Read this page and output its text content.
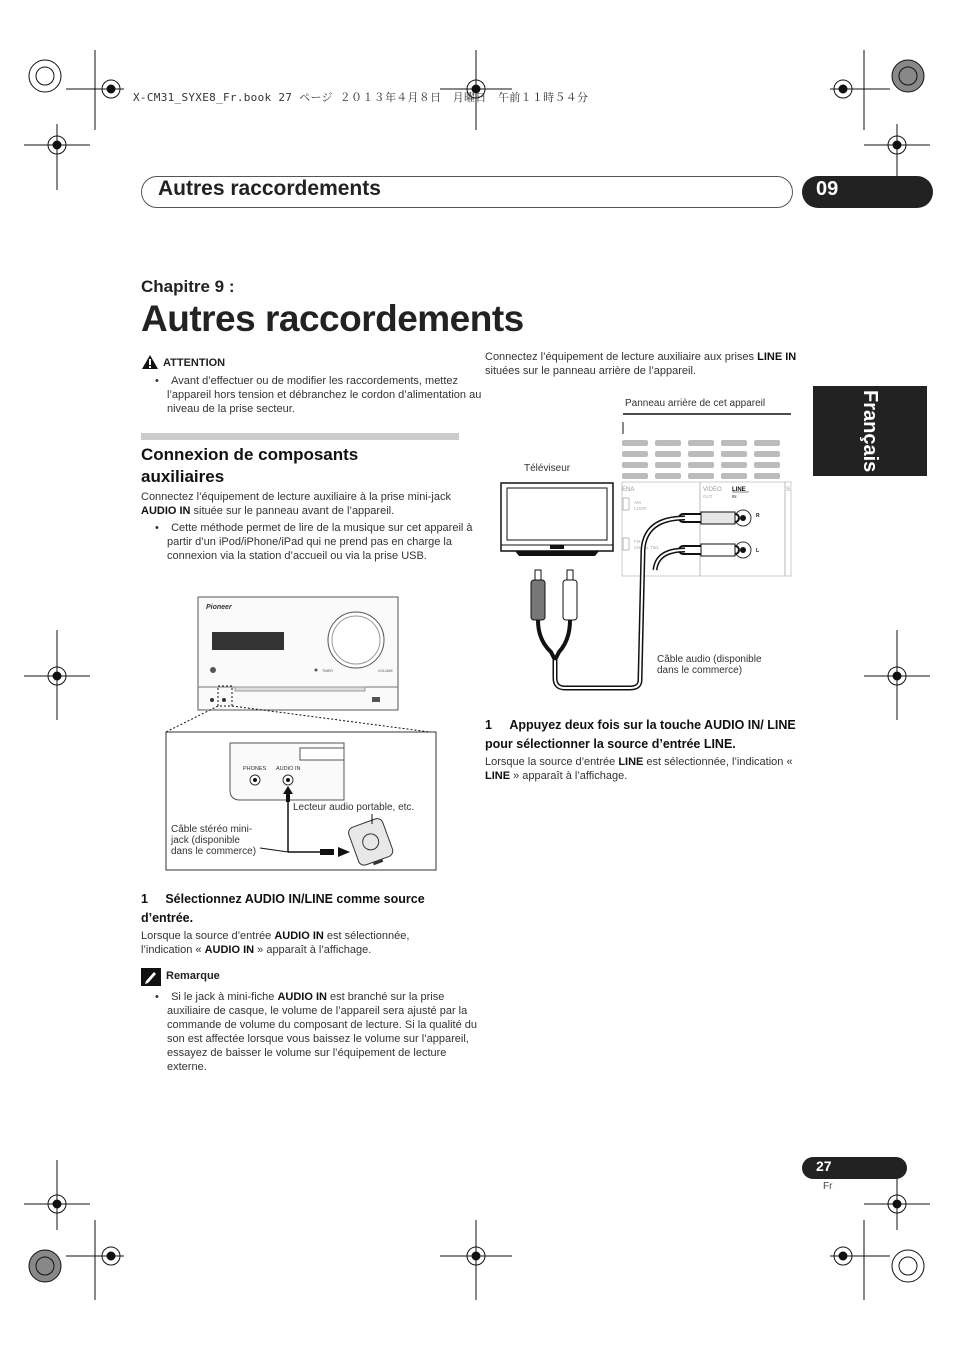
X-CM31_SYXE8_Fr.book 27 ページ ２０１３年４月８日　月曜日　午前１１時５４分
Autres raccordements	09
Français
Chapitre 9 :
Autres raccordements
ATTENTION
•    Avant d’effectuer ou de modifier les raccordements, mettez l’appareil hors tension et débranchez le cordon d’alimentation au niveau de la prise secteur.
Connexion de composants auxiliaires
Connectez l’équipement de lecture auxiliaire à la prise mini-jack AUDIO IN située sur le panneau avant de l’appareil.
•    Cette méthode permet de lire de la musique sur cet appareil à partir d’un iPod/iPhone/iPad qui ne prend pas en charge la connexion via la station d’accueil ou via la prise USB.
Pioneer
TIMER	VOLUME
PHONES AUDIO IN
Lecteur audio portable, etc.
Câble stéréo mini-
jack (disponible
dans le commerce)
1 Sélectionnez AUDIO IN/LINE comme source d’entrée.
Lorsque la source d’entrée AUDIO IN est sélectionnée, l’indication « AUDIO IN » apparaît à l’affichage.
Remarque
•    Si le jack à mini-fiche AUDIO IN est branché sur la prise auxiliaire de casque, le volume de l’appareil sera ajusté par la commande de volume du composant de lecture. Si la qualité du son est affectée lorsque vous baissez le volume sur l’appareil, essayez de baisser le volume sur l’équipement de lecture externe.
Connectez l’équipement de lecture auxiliaire aux prises LINE IN situées sur le panneau arrière de l’appareil.
Panneau arrière de cet appareil
ENA	S
AM
LOOP
FM
UNBAL 75Ω
VIDEO
OUT
LINE
IN
R
L
Téléviseur
Câble audio (disponible
dans le commerce)
1 Appuyez deux fois sur la touche AUDIO IN/ LINE pour sélectionner la source d’entrée LINE.
Lorsque la source d’entrée LINE est sélectionnée, l’indication « LINE » apparaît à l’affichage.
27
Fr
